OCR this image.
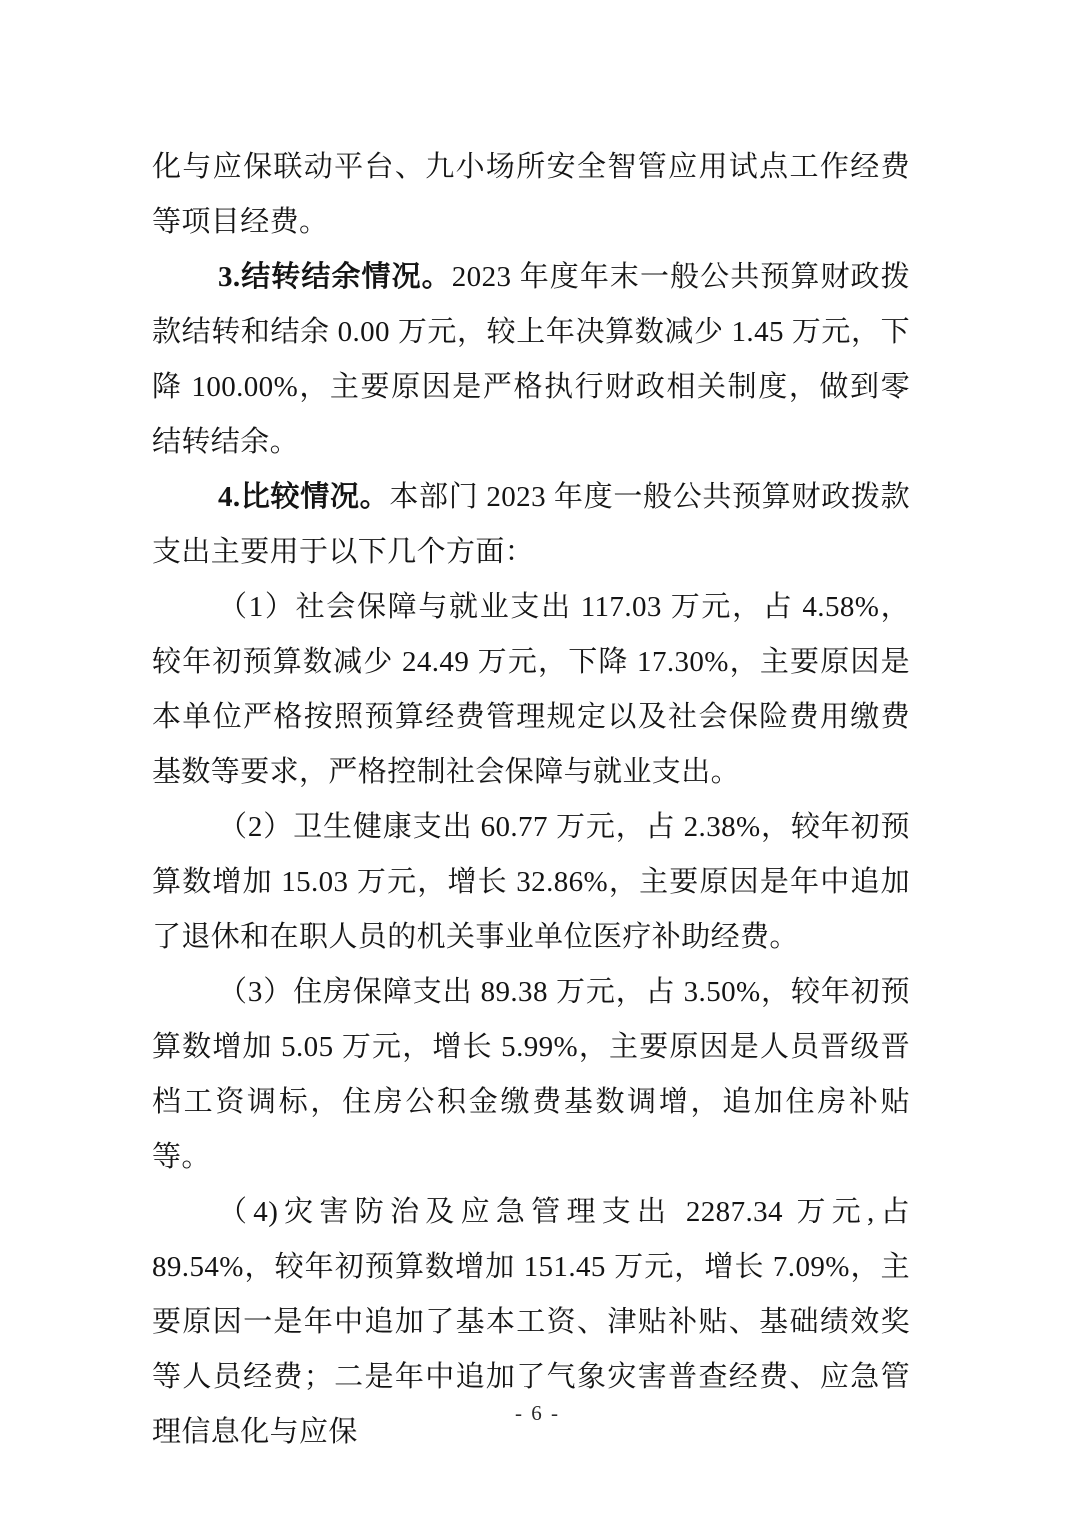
化与应保联动平台、九小场所安全智管应用试点工作经费等项目经费。

3.结转结余情况。2023 年度年末一般公共预算财政拨款结转和结余 0.00 万元，较上年决算数减少 1.45 万元，下降 100.00%，主要原因是严格执行财政相关制度，做到零结转结余。

4.比较情况。本部门 2023 年度一般公共预算财政拨款支出主要用于以下几个方面：

（1）社会保障与就业支出 117.03 万元，占 4.58%，较年初预算数减少 24.49 万元，下降 17.30%，主要原因是本单位严格按照预算经费管理规定以及社会保险费用缴费基数等要求，严格控制社会保障与就业支出。

（2）卫生健康支出 60.77 万元，占 2.38%，较年初预算数增加 15.03 万元，增长 32.86%，主要原因是年中追加了退休和在职人员的机关事业单位医疗补助经费。

（3）住房保障支出 89.38 万元，占 3.50%，较年初预算数增加 5.05 万元，增长 5.99%，主要原因是人员晋级晋档工资调标，住房公积金缴费基数调增，追加住房补贴等。

（4)灾害防治及应急管理支出 2287.34 万元,占 89.54%，较年初预算数增加 151.45 万元，增长 7.09%，主要原因一是年中追加了基本工资、津贴补贴、基础绩效奖等人员经费；二是年中追加了气象灾害普查经费、应急管理信息化与应保

- 6 -
